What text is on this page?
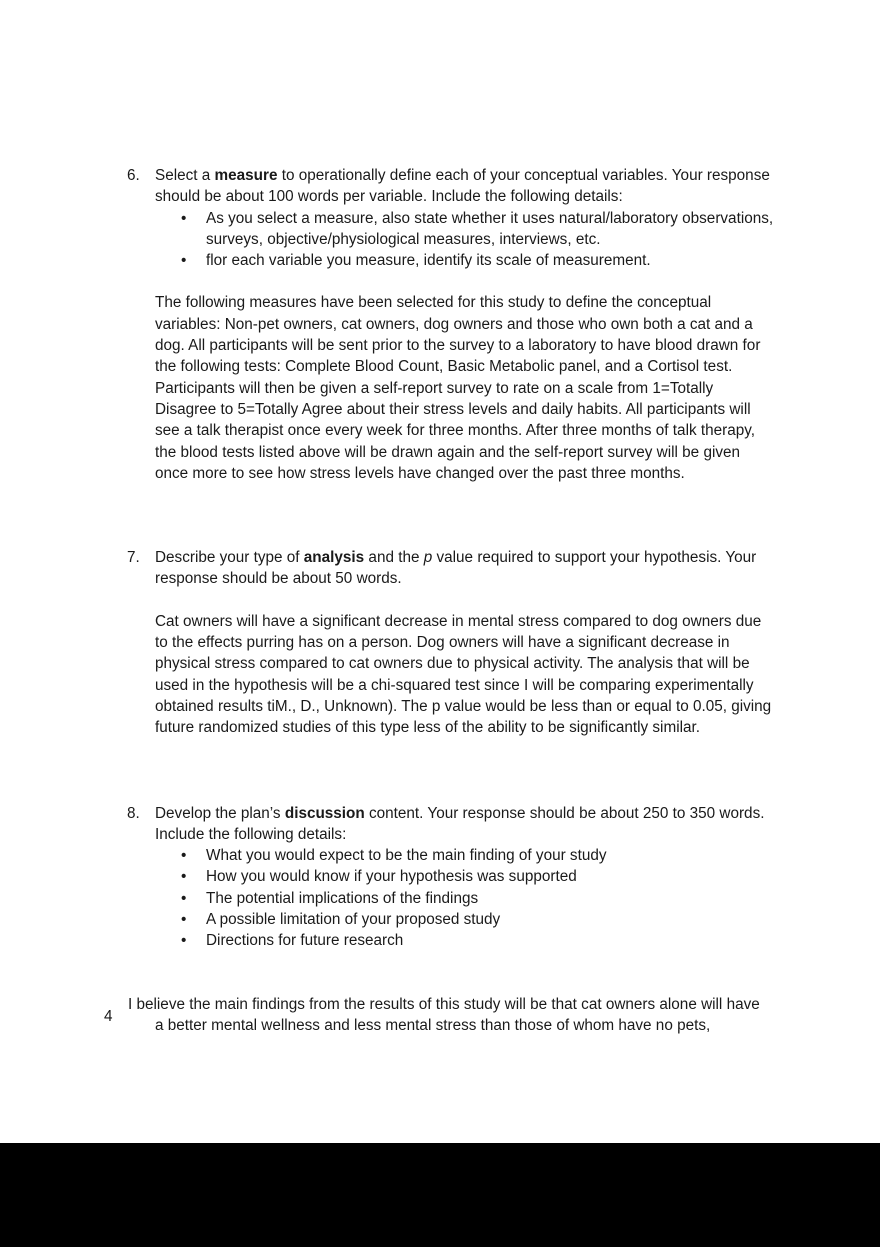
6. Select a measure to operationally define each of your conceptual variables. Your response should be about 100 words per variable. Include the following details:
• As you select a measure, also state whether it uses natural/laboratory observations, surveys, objective/physiological measures, interviews, etc.
• flor each variable you measure, identify its scale of measurement.

The following measures have been selected for this study to define the conceptual variables: Non-pet owners, cat owners, dog owners and those who own both a cat and a dog. All participants will be sent prior to the survey to a laboratory to have blood drawn for the following tests: Complete Blood Count, Basic Metabolic panel, and a Cortisol test. Participants will then be given a self-report survey to rate on a scale from 1=Totally Disagree to 5=Totally Agree about their stress levels and daily habits. All participants will see a talk therapist once every week for three months. After three months of talk therapy, the blood tests listed above will be drawn again and the self-report survey will be given once more to see how stress levels have changed over the past three months.

7. Describe your type of analysis and the p value required to support your hypothesis. Your response should be about 50 words.

Cat owners will have a significant decrease in mental stress compared to dog owners due to the effects purring has on a person. Dog owners will have a significant decrease in physical stress compared to cat owners due to physical activity. The analysis that will be used in the hypothesis will be a chi-squared test since I will be comparing experimentally obtained results tiM., D., Unknown). The p value would be less than or equal to 0.05, giving future randomized studies of this type less of the ability to be significantly similar.

8. Develop the plan’s discussion content. Your response should be about 250 to 350 words. Include the following details:
• What you would expect to be the main finding of your study
• How you would know if your hypothesis was supported
• The potential implications of the findings
• A possible limitation of your proposed study
• Directions for future research

I believe the main findings from the results of this study will be that cat owners alone will have a better mental wellness and less mental stress than those of whom have no pets,

4
